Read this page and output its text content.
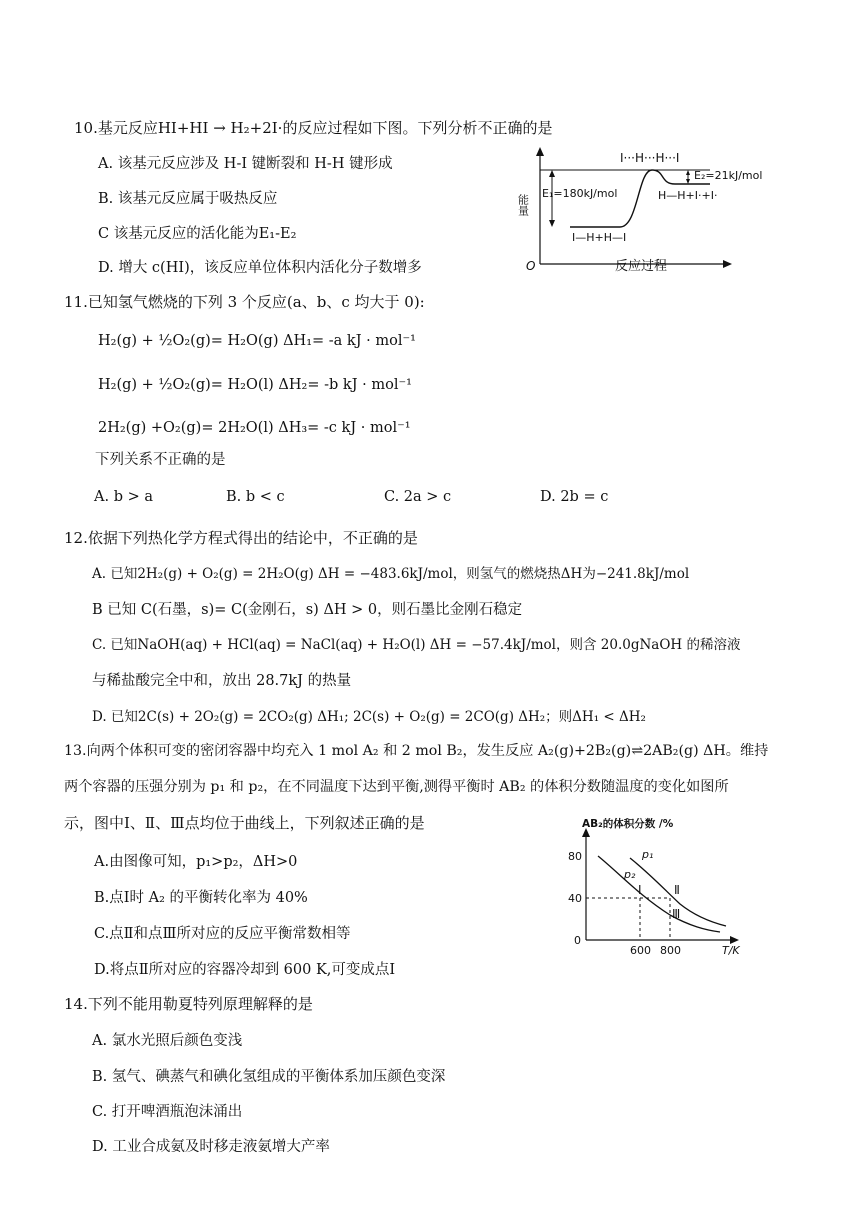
10.基元反应HI+HI → H₂+2I·的反应过程如下图。下列分析不正确的是
A. 该基元反应涉及 H-I 键断裂和 H-H 键形成
B. 该基元反应属于吸热反应
C 该基元反应的活化能为E₁-E₂
D. 增大 c(HI)，该反应单位体积内活化分子数增多
I···H···H···I
E₁=180kJ/mol
E₂=21kJ/mol
H—H+I·+I·
I—H+H—I
能量
反应过程
O
11.已知氢气燃烧的下列 3 个反应(a、b、c 均大于 0):
H₂(g) + ½O₂(g)= H₂O(g) ΔH₁= -a kJ · mol⁻¹
H₂(g) + ½O₂(g)= H₂O(l) ΔH₂= -b kJ · mol⁻¹
2H₂(g) +O₂(g)= 2H₂O(l) ΔH₃= -c kJ · mol⁻¹
下列关系不正确的是
A. b > a	B. b < c	C. 2a > c	D. 2b = c
12.依据下列热化学方程式得出的结论中，不正确的是
A. 已知2H₂(g) + O₂(g) = 2H₂O(g) ΔH = −483.6kJ/mol，则氢气的燃烧热ΔH为−241.8kJ/mol
B 已知 C(石墨，s)= C(金刚石，s) ΔH > 0，则石墨比金刚石稳定
C. 已知NaOH(aq) + HCl(aq) = NaCl(aq) + H₂O(l) ΔH = −57.4kJ/mol，则含 20.0gNaOH 的稀溶液
与稀盐酸完全中和，放出 28.7kJ 的热量
D. 已知2C(s) + 2O₂(g) = 2CO₂(g) ΔH₁; 2C(s) + O₂(g) = 2CO(g) ΔH₂；则ΔH₁ < ΔH₂
13.向两个体积可变的密闭容器中均充入 1 mol A₂ 和 2 mol B₂，发生反应 A₂(g)+2B₂(g)⇌2AB₂(g) ΔH。维持
两个容器的压强分别为 p₁ 和 p₂，在不同温度下达到平衡,测得平衡时 AB₂ 的体积分数随温度的变化如图所
示，图中Ⅰ、Ⅱ、Ⅲ点均位于曲线上，下列叙述正确的是
A.由图像可知，p₁>p₂，ΔH>0
B.点Ⅰ时 A₂ 的平衡转化率为 40%
C.点Ⅱ和点Ⅲ所对应的反应平衡常数相等
D.将点Ⅱ所对应的容器冷却到 600 K,可变成点Ⅰ
AB₂的体积分数 /%
80
40
0
600 800	T/K
p₁
p₂
Ⅰ	Ⅱ
Ⅲ
14.下列不能用勒夏特列原理解释的是
A. 氯水光照后颜色变浅
B. 氢气、碘蒸气和碘化氢组成的平衡体系加压颜色变深
C. 打开啤酒瓶泡沫涌出
D. 工业合成氨及时移走液氨增大产率
